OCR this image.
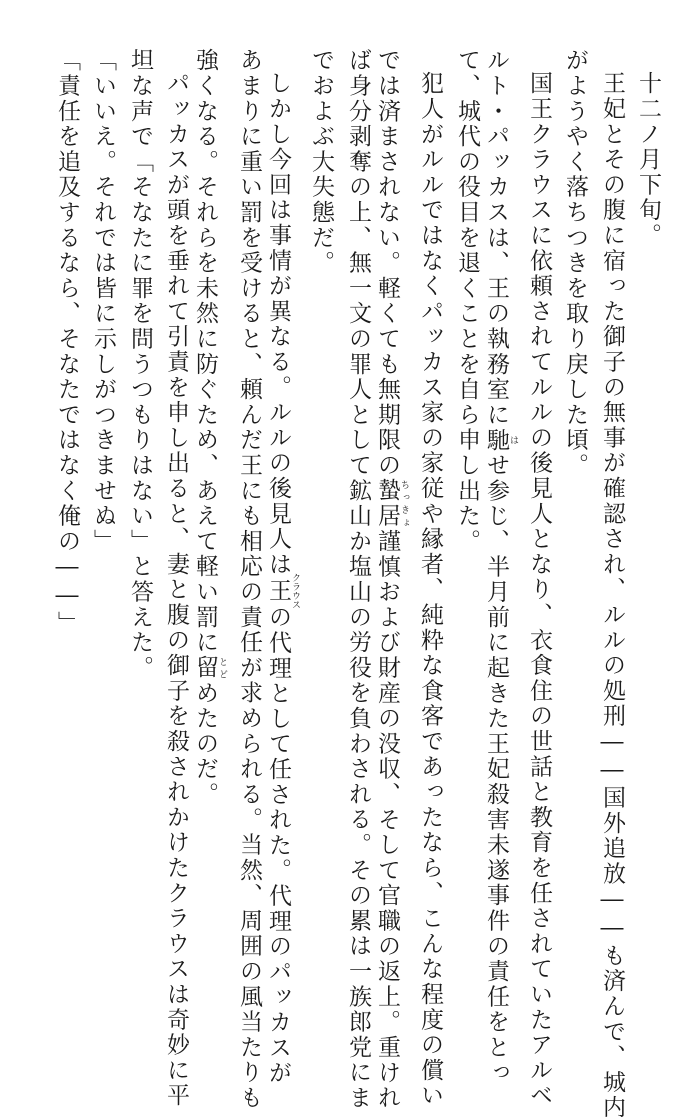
十二ノ月下旬。
王妃とその腹に宿った御子の無事が確認され、ルルの処刑――国外追放――も済んで、城内
がようやく落ちつきを取り戻した頃。
国王クラウスに依頼されてルルの後見人となり、衣食住の世話と教育を任されていたアルベ
ルト・パッカスは、王の執務室に馳 はせ参じ、半月前に起きた王妃殺害未遂事件の責任をとっ
て、城代の役目を退くことを自ら申し出た。
犯人がルルではなくパッカス家の家従や縁者、純粋な食客であったなら、こんな程度の償い
では済まされない。軽くても無期限の蟄居 ちっきょ謹慎および財産の没収、そして官職の返上。重けれ
ば身分剥奪の上、無一文の罪人として鉱山か塩山の労役を負わされる。その累は一族郎党にま
でおよぶ大失態だ。
しかし今回は事情が異なる。ルルの後見人は王 クラウスの代理として任された。代理のパッカスが
あまりに重い罰を受けると、頼んだ王にも相応の責任が求められる。当然、周囲の風当たりも
強くなる。それらを未然に防ぐため、あえて軽い罰に留 とどめたのだ。
パッカスが頭を垂れて引責を申し出ると、妻と腹の御子を殺されかけたクラウスは奇妙に平
坦な声で「そなたに罪を問うつもりはない」と答えた。
「いいえ。それでは皆に示しがつきませぬ」
「責任を追及するなら、そなたではなく俺の――」
